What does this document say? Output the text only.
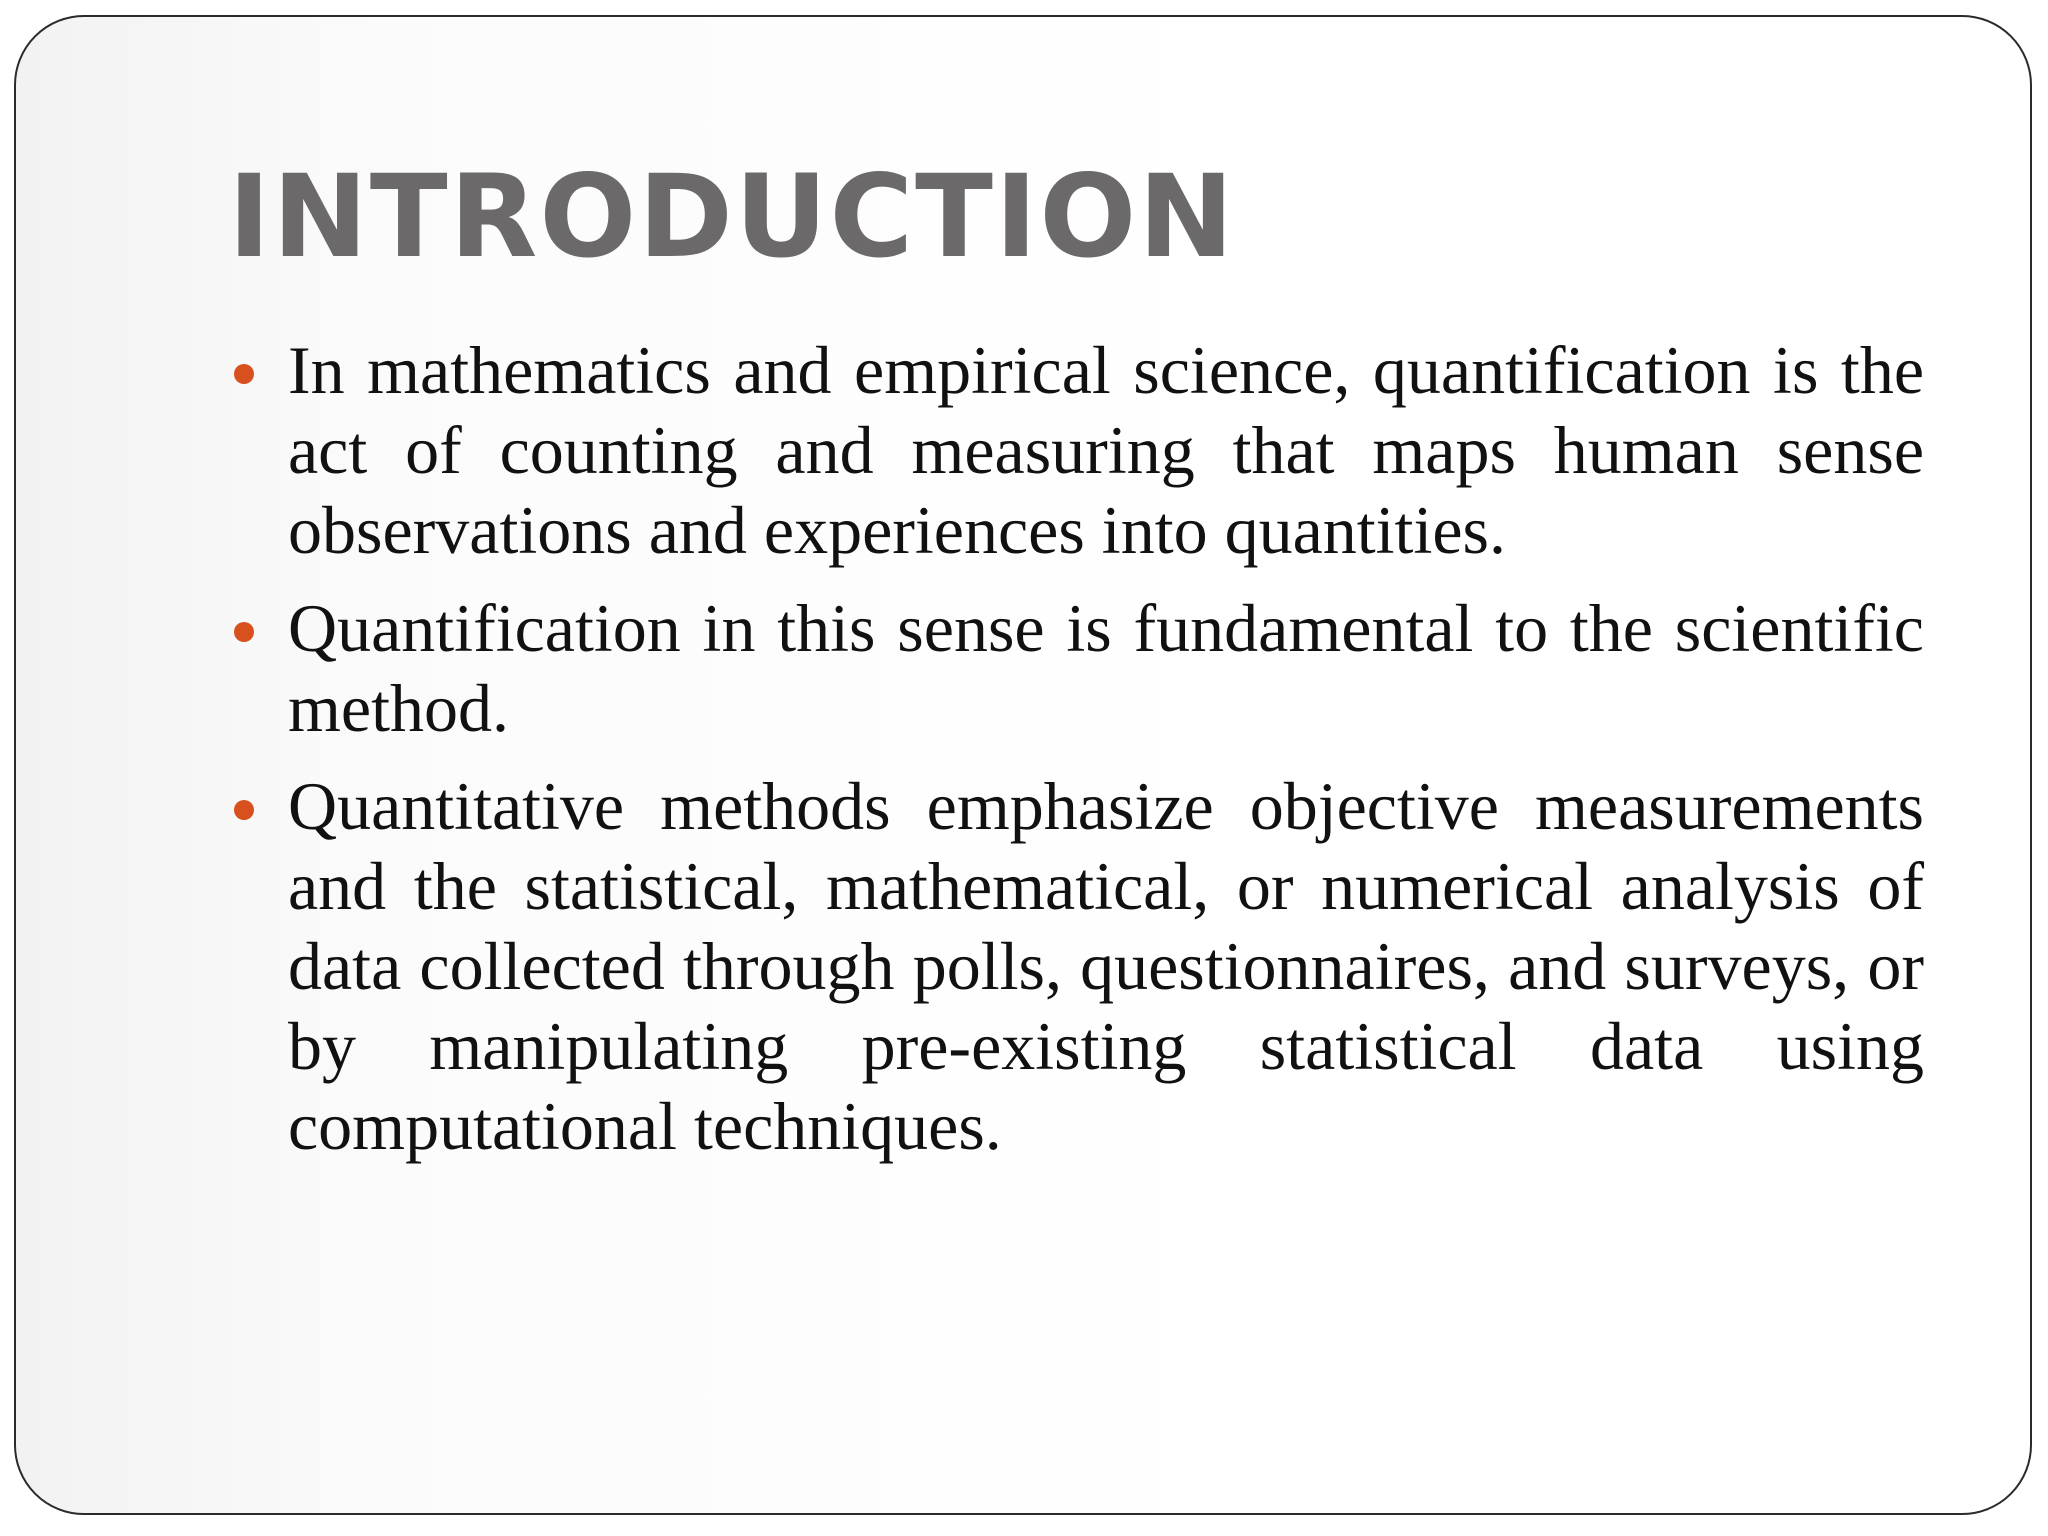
INTRODUCTION
In mathematics and empirical science, quantification is the act of counting and measuring that maps human sense observations and experiences into quantities.
Quantification in this sense is fundamental to the scientific method.
Quantitative methods emphasize objective measurements and the statistical, mathematical, or numerical analysis of data collected through polls, questionnaires, and surveys, or by manipulating pre-existing statistical data using computational techniques.
